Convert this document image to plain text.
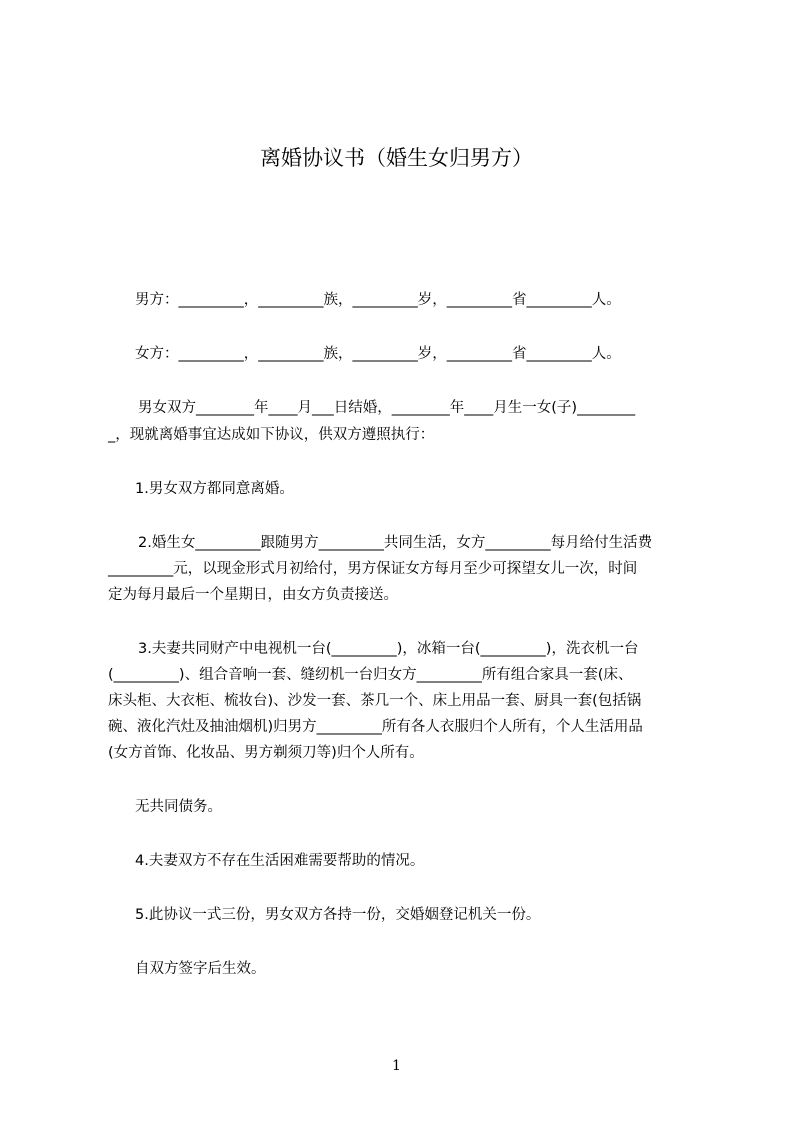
离婚协议书（婚生女归男方）
男方：_________，_________族，_________岁，_________省_________人。
女方：_________，_________族，_________岁，_________省_________人。
男女双方________年____月___日结婚，________年____月生一女(子)________
_，现就离婚事宜达成如下协议，供双方遵照执行：
1.男女双方都同意离婚。
2.婚生女_________跟随男方_________共同生活，女方_________每月给付生活费
_________元，以现金形式月初给付，男方保证女方每月至少可探望女儿一次，时间
定为每月最后一个星期日，由女方负责接送。
3.夫妻共同财产中电视机一台(_________)，冰箱一台(_________)，洗衣机一台
(_________)、组合音响一套、缝纫机一台归女方_________所有组合家具一套(床、
床头柜、大衣柜、梳妆台)、沙发一套、茶几一个、床上用品一套、厨具一套(包括锅
碗、液化汽灶及抽油烟机)归男方_________所有各人衣服归个人所有，个人生活用品
(女方首饰、化妆品、男方剃须刀等)归个人所有。
无共同债务。
4.夫妻双方不存在生活困难需要帮助的情况。
5.此协议一式三份，男女双方各持一份，交婚姻登记机关一份。
自双方签字后生效。
1
